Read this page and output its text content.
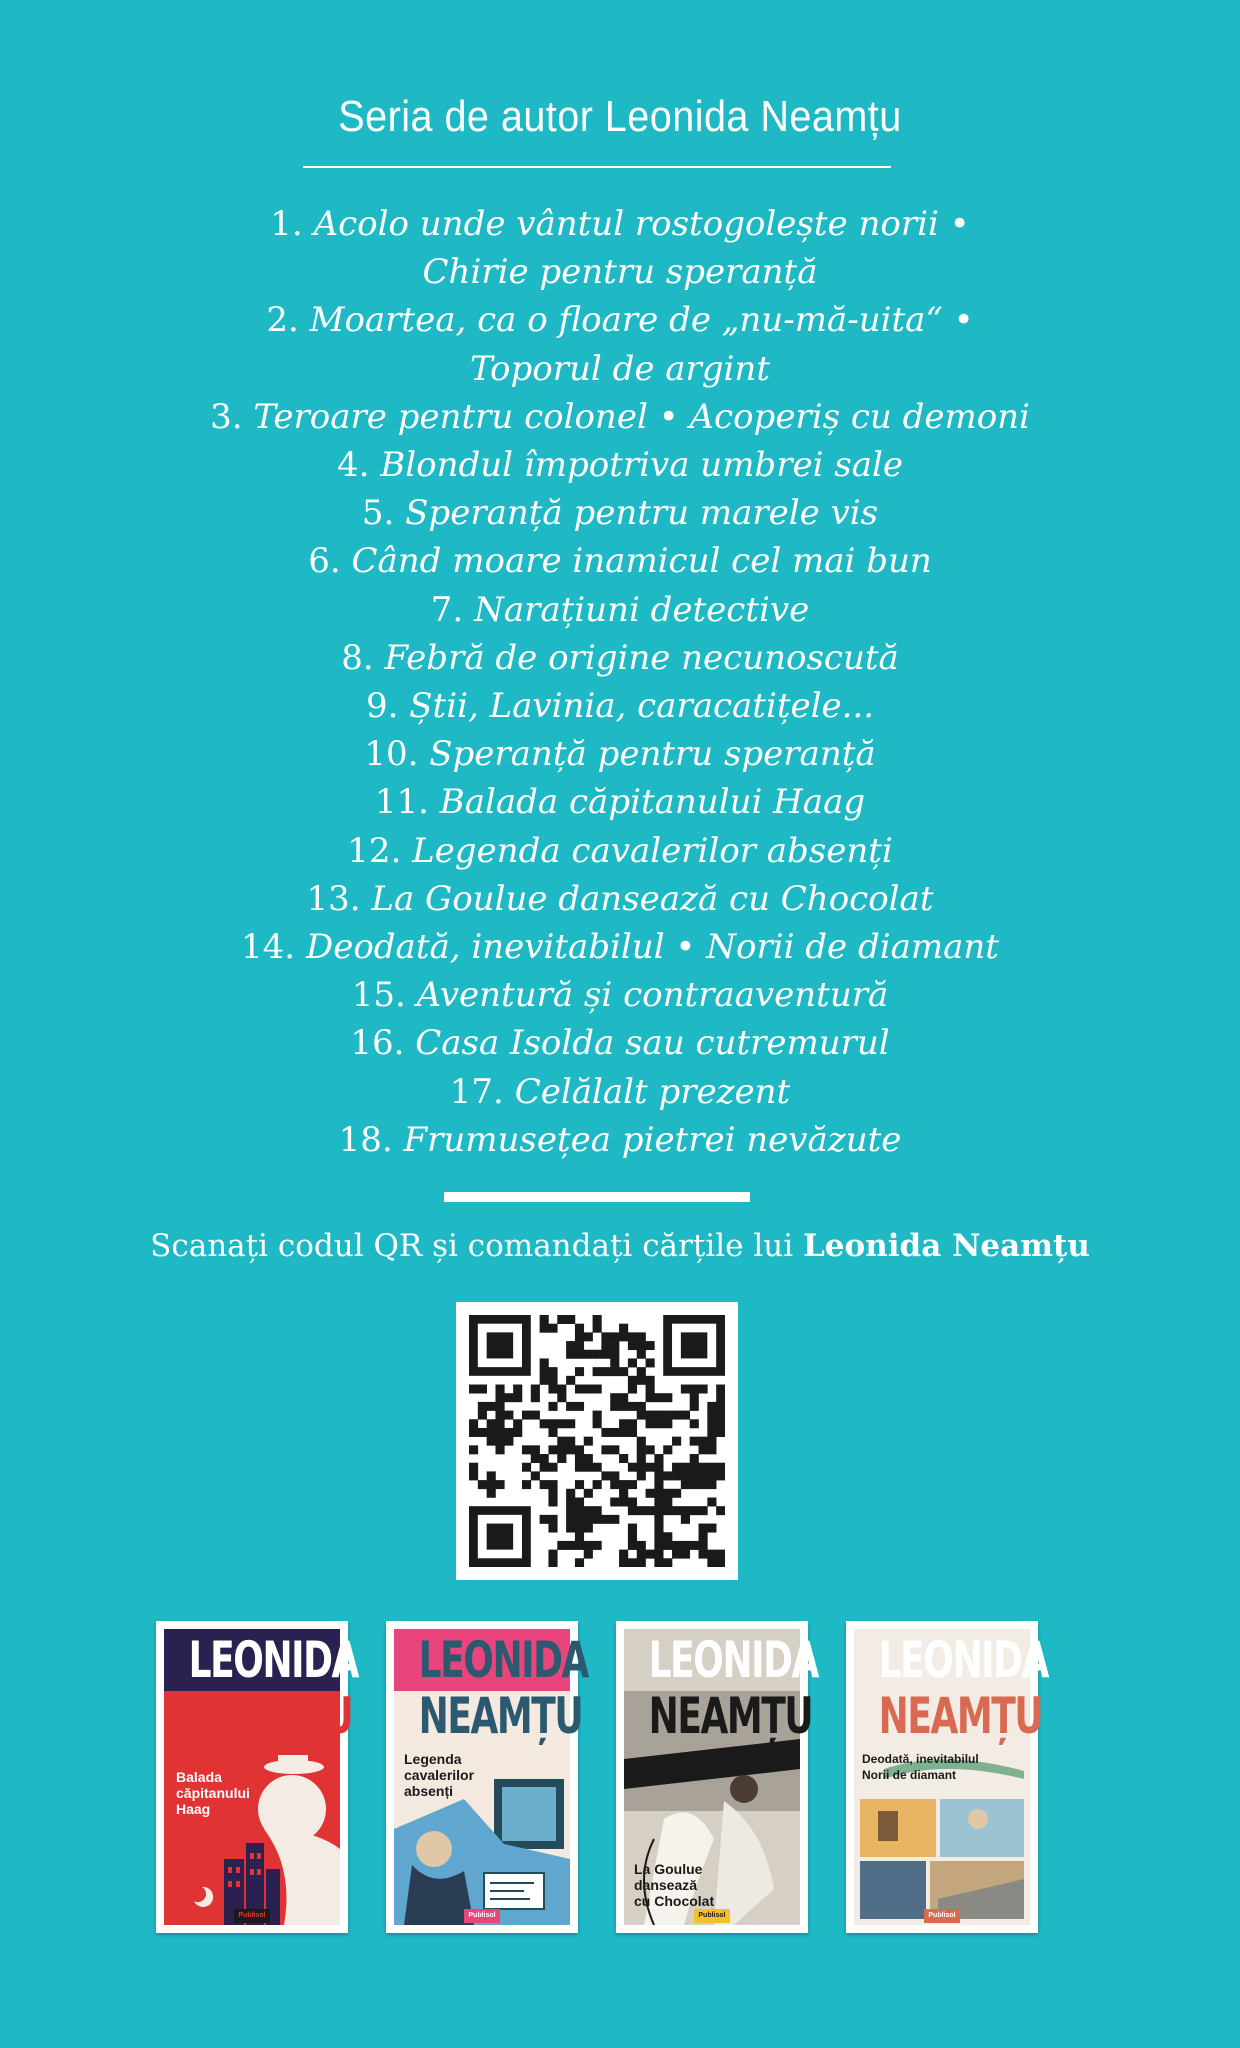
Seria de autor Leonida Neamțu
1. Acolo unde vântul rostogolește norii •
Chirie pentru speranță
2. Moartea, ca o floare de „nu-mă-uita“ •
Toporul de argint
3. Teroare pentru colonel • Acoperiș cu demoni
4. Blondul împotriva umbrei sale
5. Speranță pentru marele vis
6. Când moare inamicul cel mai bun
7. Narațiuni detective
8. Febră de origine necunoscută
9. Știi, Lavinia, caracatițele...
10. Speranță pentru speranță
11. Balada căpitanului Haag
12. Legenda cavalerilor absenți
13. La Goulue dansează cu Chocolat
14. Deodată, inevitabilul • Norii de diamant
15. Aventură și contraaventură
16. Casa Isolda sau cutremurul
17. Celălalt prezent
18. Frumusețea pietrei nevăzute
Scanați codul QR și comandați cărțile lui Leonida Neamțu
LEONIDA
NEAMȚU
Balada
căpitanului
Haag
Publisol
LEONIDA
NEAMȚU
Legenda
cavalerilor
absenți
Publisol
LEONIDA
NEAMȚU
La Goulue
dansează
cu Chocolat
Publisol
LEONIDA
NEAMȚU
Deodată, inevitabilul
Norii de diamant
Publisol
